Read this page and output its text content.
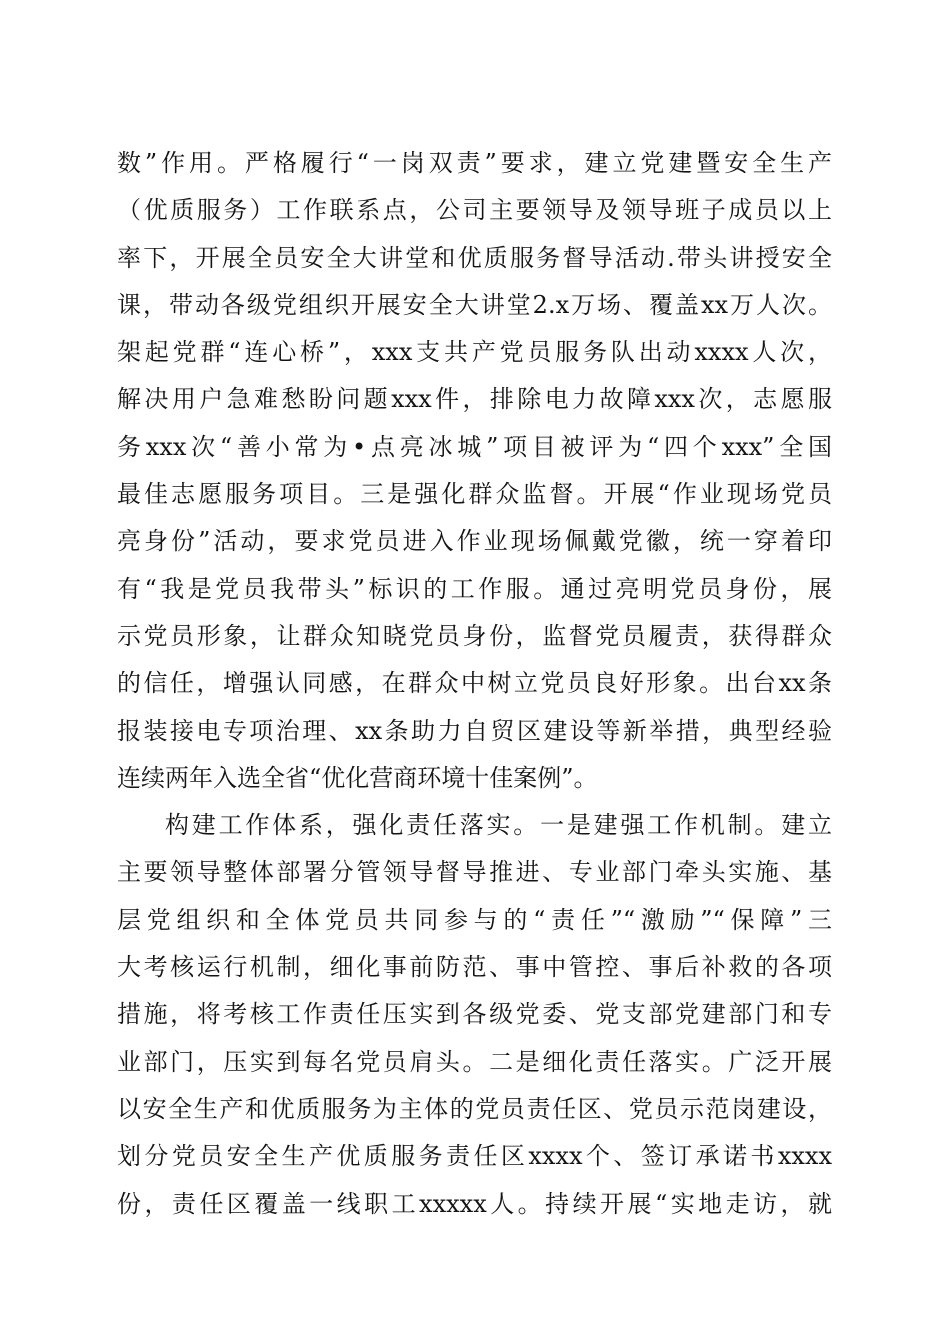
数”作用。严格履行“一岗双责”要求，建立党建暨安全生产
（优质服务）工作联系点，公司主要领导及领导班子成员以上
率下，开展全员安全大讲堂和优质服务督导活动.带头讲授安全
课，带动各级党组织开展安全大讲堂2.x万场、覆盖xx万人次。
架起党群“连心桥”，xxx支共产党员服务队出动xxxx人次，
解决用户急难愁盼问题xxx件，排除电力故障xxx次，志愿服
务xxx次“善小常为•点亮冰城”项目被评为“四个xxx”全国
最佳志愿服务项目。三是强化群众监督。开展“作业现场党员
亮身份”活动，要求党员进入作业现场佩戴党徽，统一穿着印
有“我是党员我带头”标识的工作服。通过亮明党员身份，展
示党员形象，让群众知晓党员身份，监督党员履责，获得群众
的信任，增强认同感，在群众中树立党员良好形象。出台xx条
报装接电专项治理、xx条助力自贸区建设等新举措，典型经验
连续两年入选全省“优化营商环境十佳案例”。
构建工作体系，强化责任落实。一是建强工作机制。建立
主要领导整体部署分管领导督导推进、专业部门牵头实施、基
层党组织和全体党员共同参与的“责任”“激励”“保障”三
大考核运行机制，细化事前防范、事中管控、事后补救的各项
措施，将考核工作责任压实到各级党委、党支部党建部门和专
业部门，压实到每名党员肩头。二是细化责任落实。广泛开展
以安全生产和优质服务为主体的党员责任区、党员示范岗建设，
划分党员安全生产优质服务责任区xxxx个、签订承诺书xxxx
份，责任区覆盖一线职工xxxxx人。持续开展“实地走访，就
